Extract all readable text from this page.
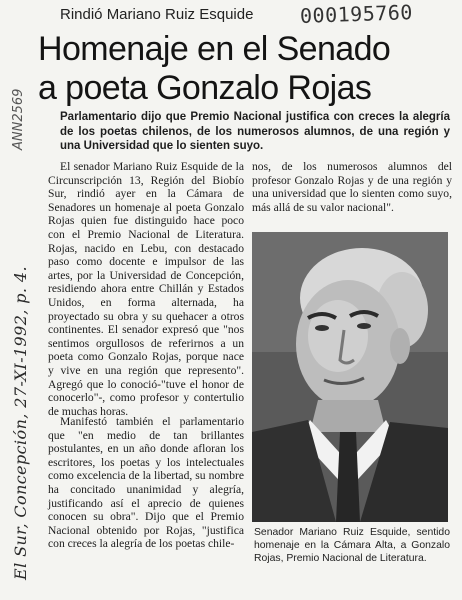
Rindió Mariano Ruiz Esquide 000195760
Homenaje en el Senado
a poeta Gonzalo Rojas
ANN2569
El Sur, Concepción, 27-XI-1992, p. 4.
Parlamentario dijo que Premio Nacional justifica con creces la alegría de los poetas chilenos, de los numerosos alumnos, de una región y una Universidad que lo sienten suyo.

El senador Mariano Ruiz Esquide de la Circunscripción 13, Región del Biobío Sur, rindió ayer en la Cámara de Senadores un homenaje al poeta Gonzalo Rojas quien fue distinguido hace poco con el Premio Nacional de Literatura. Rojas, nacido en Lebu, con destacado paso como docente e impulsor de las artes, por la Universidad de Concepción, residiendo ahora entre Chillán y Estados Unidos, en forma alternada, ha proyectado su obra y su quehacer a otros continentes. El senador expresó que "nos sentimos orgullosos de referirnos a un poeta como Gonzalo Rojas, porque nace y vive en una región que represento". Agregó que lo conoció-"tuve el honor de conocerlo"-, como profesor y contertulio de muchas horas.

Manifestó también el parlamentario que "en medio de tan brillantes postulantes, en un año donde afloran los escritores, los poetas y los intelectuales como excelencia de la libertad, su nombre ha concitado unanimidad y alegría, justificando así el aprecio de quienes conocen su obra". Dijo que el Premio Nacional obtenido por Rojas, "justifica con creces la alegría de los poetas chile-

nos, de los numerosos alumnos del profesor Gonzalo Rojas y de una región y una universidad que lo sienten como suyo, más allá de su valor nacional".

Senador Mariano Ruiz Esquide, sentido homenaje en la Cámara Alta, a Gonzalo Rojas, Premio Nacional de Literatura.
